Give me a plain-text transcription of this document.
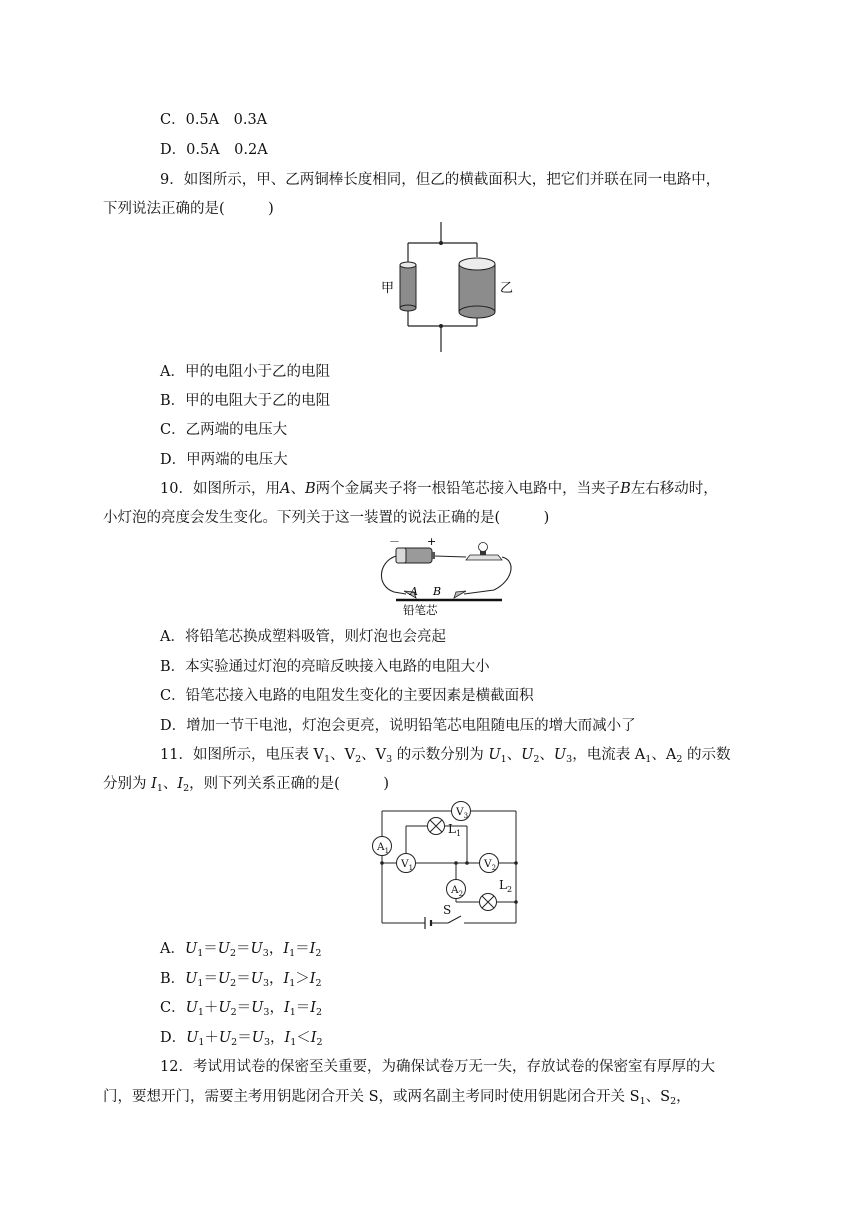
C．0.5A　0.3A
D．0.5A　0.2A
9．如图所示，甲、乙两铜棒长度相同，但乙的横截面积大，把它们并联在同一电路中，
下列说法正确的是(　　　)
甲	乙
A．甲的电阻小于乙的电阻
B．甲的电阻大于乙的电阻
C．乙两端的电压大
D．甲两端的电压大
10．如图所示，用A、B两个金属夹子将一根铅笔芯接入电路中，当夹子B左右移动时，
小灯泡的亮度会发生变化。下列关于这一装置的说法正确的是(　　　)
－ +
A B
铅笔芯
A．将铅笔芯换成塑料吸管，则灯泡也会亮起
B．本实验通过灯泡的亮暗反映接入电路的电阻大小
C．铅笔芯接入电路的电阻发生变化的主要因素是横截面积
D．增加一节干电池，灯泡会更亮，说明铅笔芯电阻随电压的增大而减小了
11．如图所示，电压表 $V_1$、$V_2$、$V_3$ 的示数分别为 $U_1$、$U_2$、$U_3$，电流表 $A_1$、$A_2$ 的示数
分别为 $I_1$、$I_2$，则下列关系正确的是(　　　)
$V_3$
$A_1$
$V_1$	$V_2$
$A_2$
$L_1$
$L_2$
S
A．$U_1=U_2=U_3$，$I_1=I_2$
B．$U_1=U_2=U_3$，$I_1>I_2$
C．$U_1+U_2=U_3$，$I_1=I_2$
D．$U_1+U_2=U_3$，$I_1<I_2$
12．考试用试卷的保密至关重要，为确保试卷万无一失，存放试卷的保密室有厚厚的大
门，要想开门，需要主考用钥匙闭合开关 S，或两名副主考同时使用钥匙闭合开关 $S_1$、$S_2$，
